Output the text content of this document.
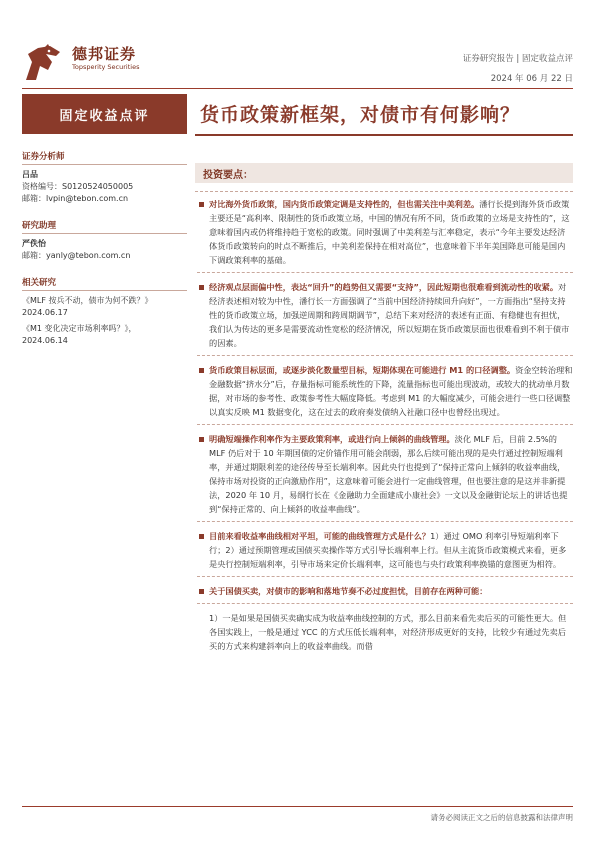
德邦证券
Topsperity Securities
证券研究报告 | 固定收益点评
2024 年 06 月 22 日
固定收益点评	货币政策新框架，对债市有何影响？
证券分析师
吕品
资格编号：S0120524050005
邮箱：lvpin@tebon.com.cn
研究助理
严佚怡
邮箱：yanly@tebon.com.cn
相关研究
《MLF 按兵不动，债市为何不跌？》
2024.06.17
《M1 变化决定市场利率吗？》，
2024.06.14
投资要点：
对比海外货币政策，国内货币政策定调是支持性的，但也需关注中美利差。潘行长提到海外货币政策主要还是“高利率、限制性的货币政策立场，中国的情况有所不同，货币政策的立场是支持性的”，这意味着国内或仍将维持趋于宽松的政策。同时强调了中美利差与汇率稳定，表示“今年主要发达经济体货币政策转向的时点不断推后，中美利差保持在相对高位”，也意味着下半年美国降息可能是国内下调政策利率的基础。
经济观点层面偏中性，表达“回升”的趋势但又需要“支持”，因此短期也很难看到流动性的收紧。对经济表述相对较为中性，潘行长一方面强调了“当前中国经济持续回升向好”，一方面指出“坚持支持性的货币政策立场，加强逆周期和跨周期调节”，总结下来对经济的表述有正面、有稳健也有担忧，我们认为传达的更多是需要流动性宽松的经济情况，所以短期在货币政策层面也很难看到不利于债市的因素。
货币政策目标层面，或逐步淡化数量型目标，短期体现在可能进行 M1 的口径调整。资金空转治理和金融数据“挤水分”后，存量指标可能系统性的下降，流量指标也可能出现波动，或较大的扰动单月数据，对市场的参考性、政策参考性大幅度降低。考虑到 M1 的大幅度减少，可能会进行一些口径调整以真实反映 M1 数据变化，这在过去的政府奏发债纳入社融口径中也曾经出现过。
明确短端操作利率作为主要政策利率，或进行向上倾斜的曲线管理。淡化 MLF 后，目前 2.5%的 MLF 仍后对于 10 年期国债的定价锚作用可能会削弱，那么后续可能出现的是央行通过控制短端利率，并通过期限利差的途径传导至长端利率。因此央行也提到了“保持正常向上倾斜的收益率曲线，保持市场对投资的正向激励作用”，这意味着可能会进行一定曲线管理，但也要注意的是这并非新提法，2020 年 10 月，易纲行长在《金融助力全面建成小康社会》一文以及金融街论坛上的讲话也提到“保持正常的、向上倾斜的收益率曲线”。
目前来看收益率曲线相对平坦，可能的曲线管理方式是什么？1）通过 OMO 利率引导短端利率下行；2）通过预期管理或国债买卖操作等方式引导长端利率上行。但从主流货币政策模式来看，更多是央行控制短端利率，引导市场来定价长端利率，这可能也与央行政策利率换锚的意图更为相符。
关于国债买卖，对债市的影响和落地节奏不必过度担忧，目前存在两种可能：
1）一是如果是国债买卖确实成为收益率曲线控制的方式，那么目前来看先卖后买的可能性更大。但各国实践上，一般是通过 YCC 的方式压低长端利率，对经济形成更好的支持，比较少有通过先卖后买的方式来构建斜率向上的收益率曲线。而借
请务必阅读正文之后的信息披露和法律声明
